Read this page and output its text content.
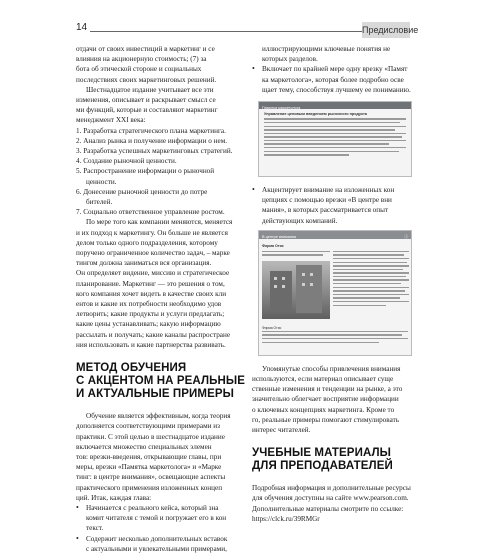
14	Предисловие
отдачи от своих инвестиций в маркетинг и се
влияния на акционерную стоимость; (7) за
бота об этической стороне и социальных
последствиях своих маркетинговых решений.
Шестнадцатое издание учитывает все эти
изменения, описывает и раскрывает смысл се
ми функций, которые и составляют маркетинг
менеджмент XXI века:
1. Разработка стратегического плана маркетинга.
2. Анализ рынка и получение информации о нем.
3. Разработка успешных маркетинговых стратегий.
4. Создание рыночной ценности.
5. Распространение информации о рыночной
ценности.
6. Донесение рыночной ценности до потре
бителей.
7. Социально ответственное управление ростом.
По мере того как компании меняются, меняется
и их подход к маркетингу. Он больше не является
делом только одного подразделения, которому
поручено ограниченное количество задач, – марке
тингом должна заниматься вся организация.
Он определяет видение, миссию и стратегическое
планирование. Маркетинг — это решения о том,
кого компания хочет видеть в качестве своих кли
ентов и какие их потребности необходимо удов
летворить; какие продукты и услуги предлагать;
какие цены устанавливать; какую информацию
рассылать и получать; какие каналы распростране
ния использовать и какие партнерства развивать.
МЕТОД ОБУЧЕНИЯ
С АКЦЕНТОМ НА РЕАЛЬНЫЕ
И АКТУАЛЬНЫЕ ПРИМЕРЫ
Обучение является эффективным, когда теория
дополняется соответствующими примерами из
практики. С этой целью в шестнадцатое издание
включается множество специальных элемен
тов: врезки-введения, открывающие главы, при
меры, врезки «Памятка маркетолога» и «Марке
тинг: в центре внимания», освещающие аспекты
практического применения изложенных концеп
ций. Итак, каждая глава:
• Начинается с реального кейса, который зна
комит читателя с темой и погружает его в кон
текст.
• Содержит несколько дополнительных вставок
с актуальными и увлекательными примерами,
иллюстрирующими ключевые понятия не
которых разделов.
• Включает по крайней мере одну врезку «Памят
ка маркетолога», которая более подробно осве
щает тему, способствуя лучшему ее пониманию.
Памятка маркетолога
Управление ценовым введением рыночного продукта
• Акцентирует внимание на изложенных кон
цепциях с помощью врезки «В центре вни
мания», в которых рассматривается опыт
действующих компаний.
В центре внимания	ⓘ
Фирма Отис
Фирма Отис
Упомянутые способы привлечения внимания
используются, если материал описывает суще
ственные изменения и тенденции на рынке, а это
значительно облегчает восприятие информации
о ключевых концепциях маркетинга. Кроме то
го, реальные примеры помогают стимулировать
интерес читателей.
УЧЕБНЫЕ МАТЕРИАЛЫ
ДЛЯ ПРЕПОДАВАТЕЛЕЙ
Подробная информация и дополнительные ресурсы
для обучения доступны на сайте www.pearson.com.
Дополнительные материалы смотрите по ссылке:
https://clck.ru/39RMGr
